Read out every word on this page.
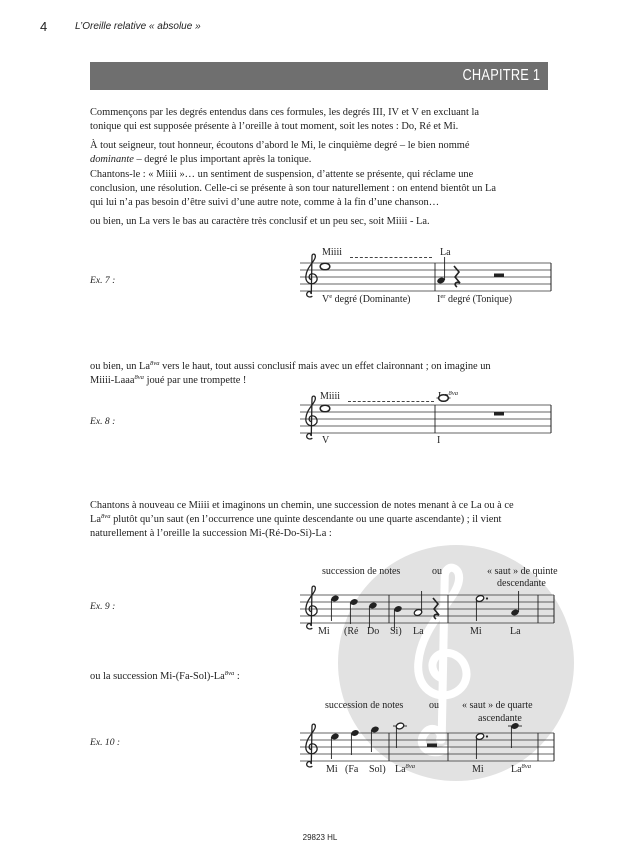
4	L’Oreille relative « absolue »
CHAPITRE 1
Commençons par les degrés entendus dans ces formules, les degrés III, IV et V en excluant la
tonique qui est supposée présente à l’oreille à tout moment, soit les notes : Do, Ré et Mi.
À tout seigneur, tout honneur, écoutons d’abord le Mi, le cinquième degré – le bien nommé
dominante – degré le plus important après la tonique.
Chantons-le : « Miiii »… un sentiment de suspension, d’attente se présente, qui réclame une
conclusion, une résolution. Celle-ci se présente à son tour naturellement : on entend bientôt un La
qui lui n’a pas besoin d’être suivi d’une autre note, comme à la fin d’une chanson…
ou bien, un La vers le bas au caractère très conclusif et un peu sec, soit Miiii - La.
Miiii	La
Ex. 7 :
Ve degré (Dominante)	Ier degré (Tonique)
ou bien, un $La^{8va}$ vers le haut, tout aussi conclusif mais avec un effet claironnant ; on imagine un
Miiii-Laaa$^{8va}$ joué par une trompette !
Miiii	$^{8va}$
Ex. 8 :
V	I
Chantons à nouveau ce Miiii et imaginons un chemin, une succession de notes menant à ce La ou à ce
$La^{8va}$ plutôt qu’un saut (en l’occurrence une quinte descendante ou une quarte ascendante) ; il vient
naturellement à l’oreille la succession Mi-(Ré-Do-Si)-La :
succession de notes	ou	« saut » de quinte
descendante
Ex. 9 :
Mi (Ré Do Si) La	Mi	La
ou la succession $Mi-(Fa-Sol)-La^{8va}$ :
succession de notes	ou « saut » de quarte
ascendante
Ex. 10 :
Mi (Fa Sol) $La^{8va}$	Mi	$La^{8va}$
29823 HL
